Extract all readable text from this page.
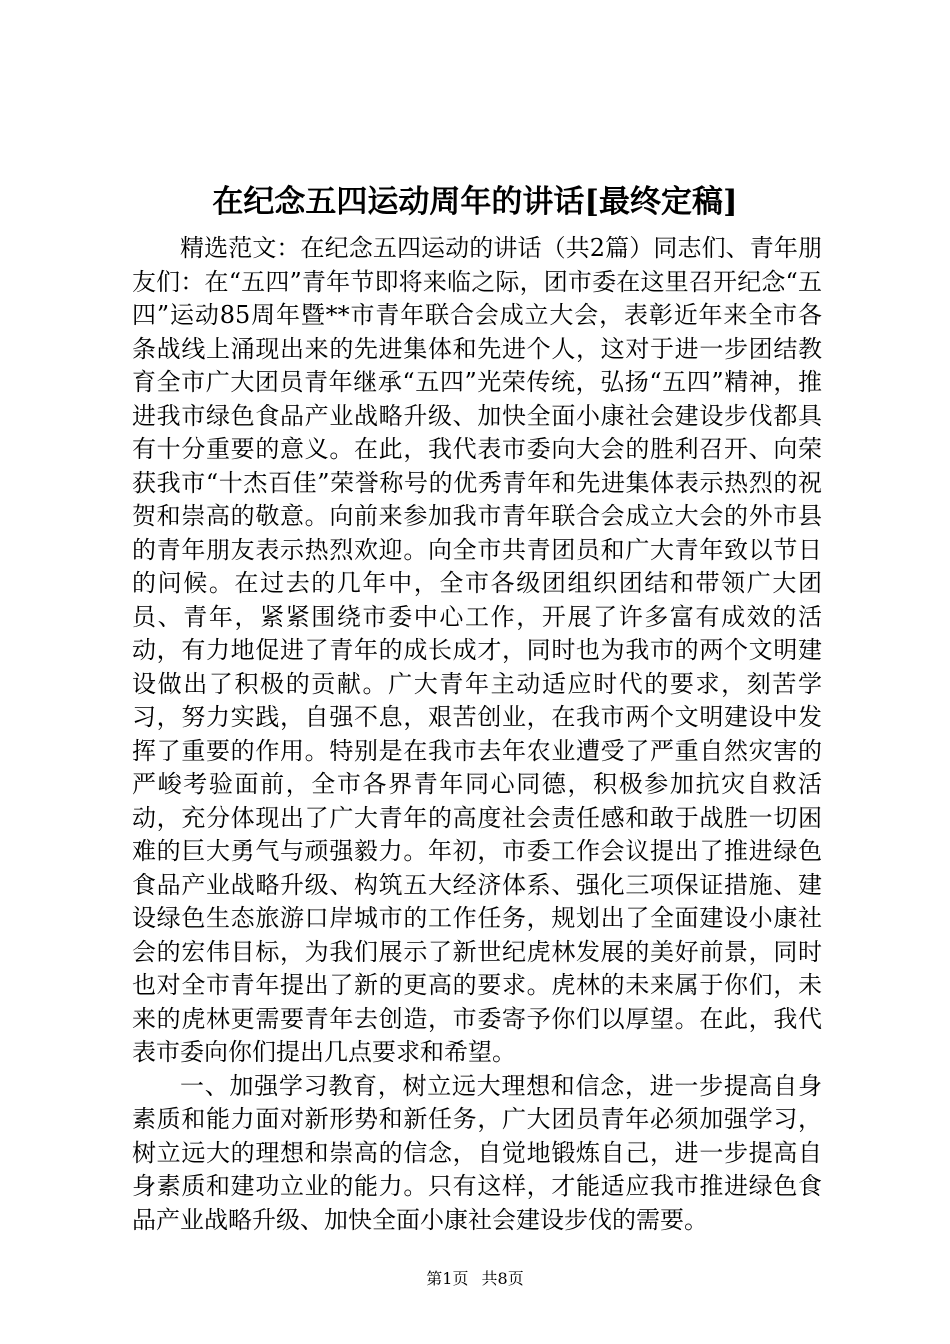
在纪念五四运动周年的讲话[最终定稿]

精选范文：在纪念五四运动的讲话（共2篇）同志们、青年朋友们：在“五四”青年节即将来临之际，团市委在这里召开纪念“五四”运动85周年暨**市青年联合会成立大会，表彰近年来全市各条战线上涌现出来的先进集体和先进个人，这对于进一步团结教育全市广大团员青年继承“五四”光荣传统，弘扬“五四”精神，推进我市绿色食品产业战略升级、加快全面小康社会建设步伐都具有十分重要的意义。在此，我代表市委向大会的胜利召开、向荣获我市“十杰百佳”荣誉称号的优秀青年和先进集体表示热烈的祝贺和崇高的敬意。向前来参加我市青年联合会成立大会的外市县的青年朋友表示热烈欢迎。向全市共青团员和广大青年致以节日的问候。在过去的几年中，全市各级团组织团结和带领广大团员、青年，紧紧围绕市委中心工作，开展了许多富有成效的活动，有力地促进了青年的成长成才，同时也为我市的两个文明建设做出了积极的贡献。广大青年主动适应时代的要求，刻苦学习，努力实践，自强不息，艰苦创业，在我市两个文明建设中发挥了重要的作用。特别是在我市去年农业遭受了严重自然灾害的严峻考验面前，全市各界青年同心同德，积极参加抗灾自救活动，充分体现出了广大青年的高度社会责任感和敢于战胜一切困难的巨大勇气与顽强毅力。年初，市委工作会议提出了推进绿色食品产业战略升级、构筑五大经济体系、强化三项保证措施、建设绿色生态旅游口岸城市的工作任务，规划出了全面建设小康社会的宏伟目标，为我们展示了新世纪虎林发展的美好前景，同时也对全市青年提出了新的更高的要求。虎林的未来属于你们，未来的虎林更需要青年去创造，市委寄予你们以厚望。在此，我代表市委向你们提出几点要求和希望。

一、加强学习教育，树立远大理想和信念，进一步提高自身素质和能力面对新形势和新任务，广大团员青年必须加强学习，树立远大的理想和崇高的信念，自觉地锻炼自己，进一步提高自身素质和建功立业的能力。只有这样，才能适应我市推进绿色食品产业战略升级、加快全面小康社会建设步伐的需要。

第1页 共8页
